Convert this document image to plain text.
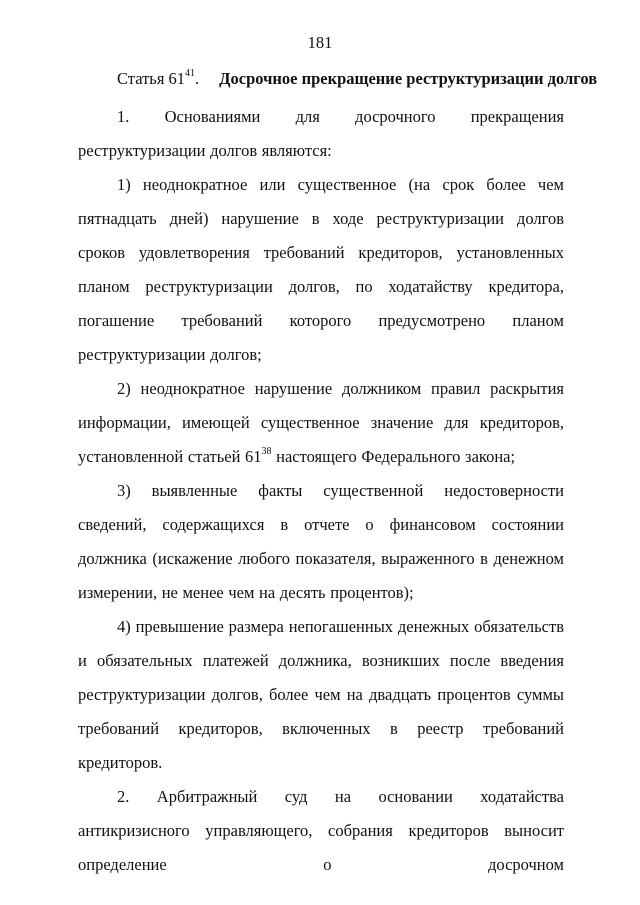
181
Статья $61^{41}$. Досрочное прекращение реструктуризации долгов

1. Основаниями для досрочного прекращения реструктуризации долгов являются:

1) неоднократное или существенное (на срок более чем пятнадцать дней) нарушение в ходе реструктуризации долгов сроков удовлетворения требований кредиторов, установленных планом реструктуризации долгов, по ходатайству кредитора, погашение требований которого предусмотрено планом реструктуризации долгов;

2) неоднократное нарушение должником правил раскрытия информации, имеющей существенное значение для кредиторов, установленной статьей $61^{38}$ настоящего Федерального закона;

3) выявленные факты существенной недостоверности сведений, содержащихся в отчете о финансовом состоянии должника (искажение любого показателя, выраженного в денежном измерении, не менее чем на десять процентов);

4) превышение размера непогашенных денежных обязательств и обязательных платежей должника, возникших после введения реструктуризации долгов, более чем на двадцать процентов суммы требований кредиторов, включенных в реестр требований кредиторов.

2. Арбитражный суд на основании ходатайства антикризисного управляющего, собрания кредиторов выносит определение о досрочном
